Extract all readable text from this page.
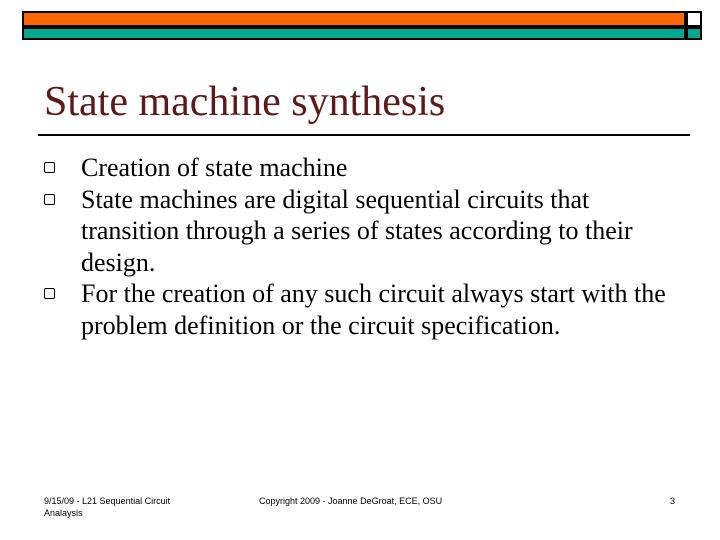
State machine synthesis
Creation of state machine
State machines are digital sequential circuits that transition through a series of states according to their design.
For the creation of any such circuit always start with the problem definition or the circuit specification.
9/15/09 - L21 Sequential Circuit Analaysis
Copyright 2009 - Joanne DeGroat, ECE, OSU	3
